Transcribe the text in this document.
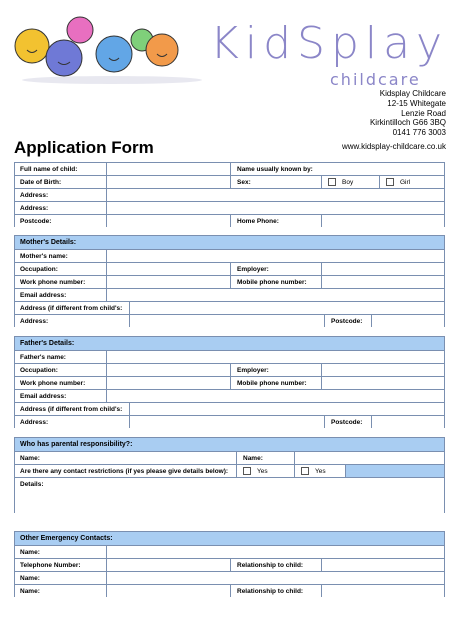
KidSplay
childcare
Kidsplay Childcare
12-15 Whitegate
Lenzie Road
Kirkintilloch G66 3BQ
0141 776 3003
Application Form	www.kidsplay-childcare.co.uk
Full name of child:	Name usually known by:
Date of Birth:	Sex:	Boy	Girl
Address:
Address:
Postcode:	Home Phone:
Mother's Details:
Mother's name:
Occupation:	Employer:
Work phone number:	Mobile phone number:
Email address:
Address (if different from child's:
Address:	Postcode:
Father's Details:
Father's name:
Occupation:	Employer:
Work phone number:	Mobile phone number:
Email address:
Address (if different from child's:
Address:	Postcode:
Who has parental responsibility?:
Name:	Name:
Are there any contact restrictions (if yes please give details below):	Yes	Yes
Details:
Other Emergency Contacts:
Name:
Telephone Number:	Relationship to child:
Name:
Name:	Relationship to child:
